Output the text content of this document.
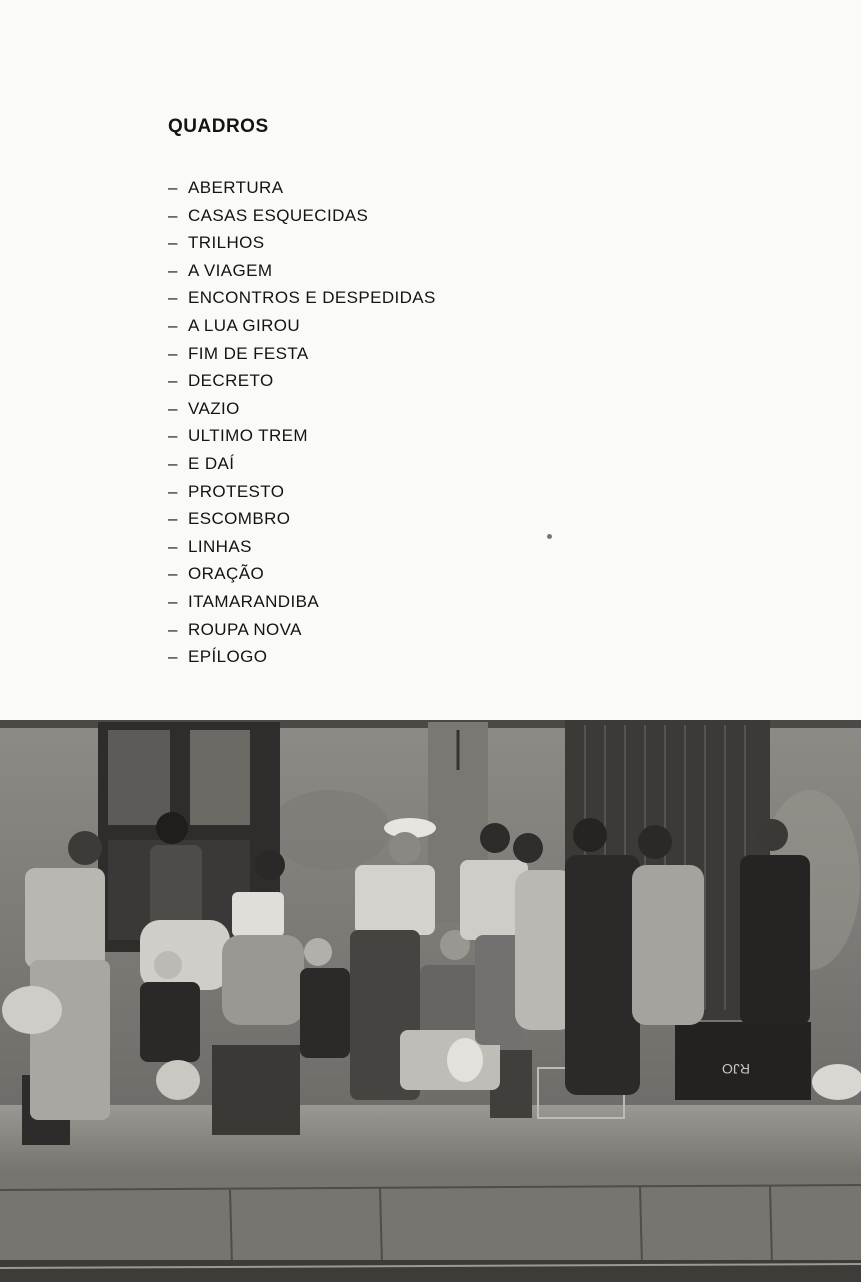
QUADROS
– ABERTURA
– CASAS ESQUECIDAS
– TRILHOS
– A VIAGEM
– ENCONTROS E DESPEDIDAS
– A LUA GIROU
– FIM DE FESTA
– DECRETO
– VAZIO
– ULTIMO TREM
– E DAÍ
– PROTESTO
– ESCOMBRO
– LINHAS
– ORAÇÃO
– ITAMARANDIBA
– ROUPA NOVA
– EPÍLOGO
RJO
